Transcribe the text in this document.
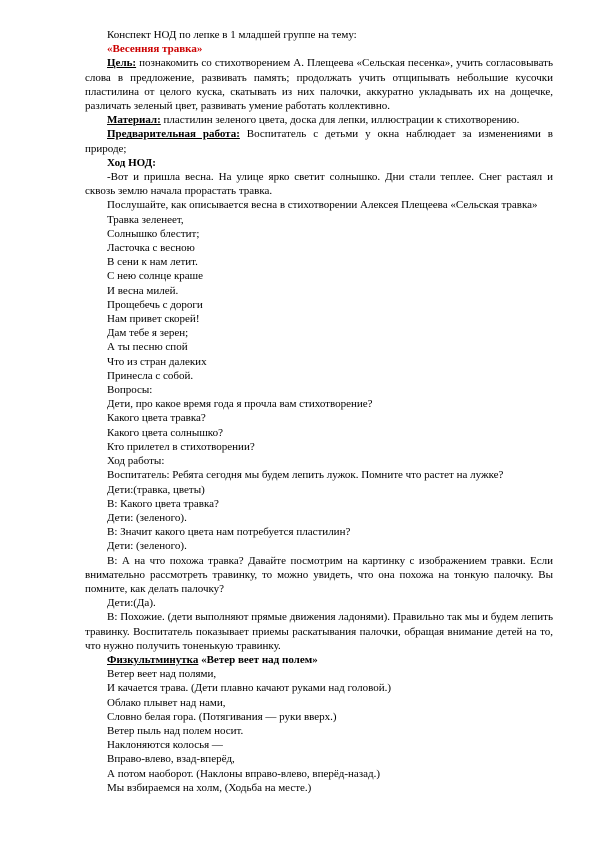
Конспект НОД по лепке в 1 младшей группе на тему:

«Весенняя травка»

Цель: познакомить со стихотворением А. Плещеева «Сельская песенка», учить согласовывать слова в предложение, развивать память; продолжать учить отщипывать небольшие кусочки пластилина от целого куска, скатывать из них палочки, аккуратно укладывать их на дощечке, различать зеленый цвет, развивать умение работать коллективно.

Материал: пластилин зеленого цвета, доска для лепки, иллюстрации к стихотворению.

Предварительная работа: Воспитатель с детьми у окна наблюдает за изменениями в природе;

Ход НОД:

-Вот и пришла весна. На улице ярко светит солнышко. Дни стали теплее. Снег растаял и сквозь землю начала прорастать травка.

Послушайте, как описывается весна в стихотворении Алексея Плещеева «Сельская травка»

Травка зеленеет,

Солнышко блестит;

Ласточка с весною

В сени к нам летит.

С нею солнце краше

И весна милей.

Прощебечь с дороги

Нам привет скорей!

Дам тебе я зерен;

А ты песню спой

Что из стран далеких

Принесла с собой.

Вопросы:

Дети, про какое время года я прочла вам стихотворение?

Какого цвета травка?

Какого цвета солнышко?

Кто прилетел в стихотворении?

Ход работы:

Воспитатель: Ребята сегодня мы будем лепить лужок. Помните что растет на лужке?

Дети:(травка, цветы)

В: Какого цвета травка?

Дети: (зеленого).

В: Значит какого цвета нам потребуется пластилин?

Дети: (зеленого).

В: А на что похожа травка? Давайте посмотрим на картинку с изображением травки. Если внимательно рассмотреть травинку, то можно увидеть, что она похожа на тонкую палочку. Вы помните, как делать палочку?

Дети:(Да).

В: Похожие. (дети выполняют прямые движения ладонями). Правильно так мы и будем лепить травинку. Воспитатель показывает приемы раскатывания палочки, обращая внимание детей на то, что нужно получить тоненькую травинку.

Физкультминутка «Ветер веет над полем»

Ветер веет над полями,

И качается трава. (Дети плавно качают руками над головой.)

Облако плывет над нами,

Словно белая гора. (Потягивания — руки вверх.)

Ветер пыль над полем носит.

Наклоняются колосья —

Вправо-влево, взад-вперёд,

А потом наоборот. (Наклоны вправо-влево, вперёд-назад.)

Мы взбираемся на холм, (Ходьба на месте.)
